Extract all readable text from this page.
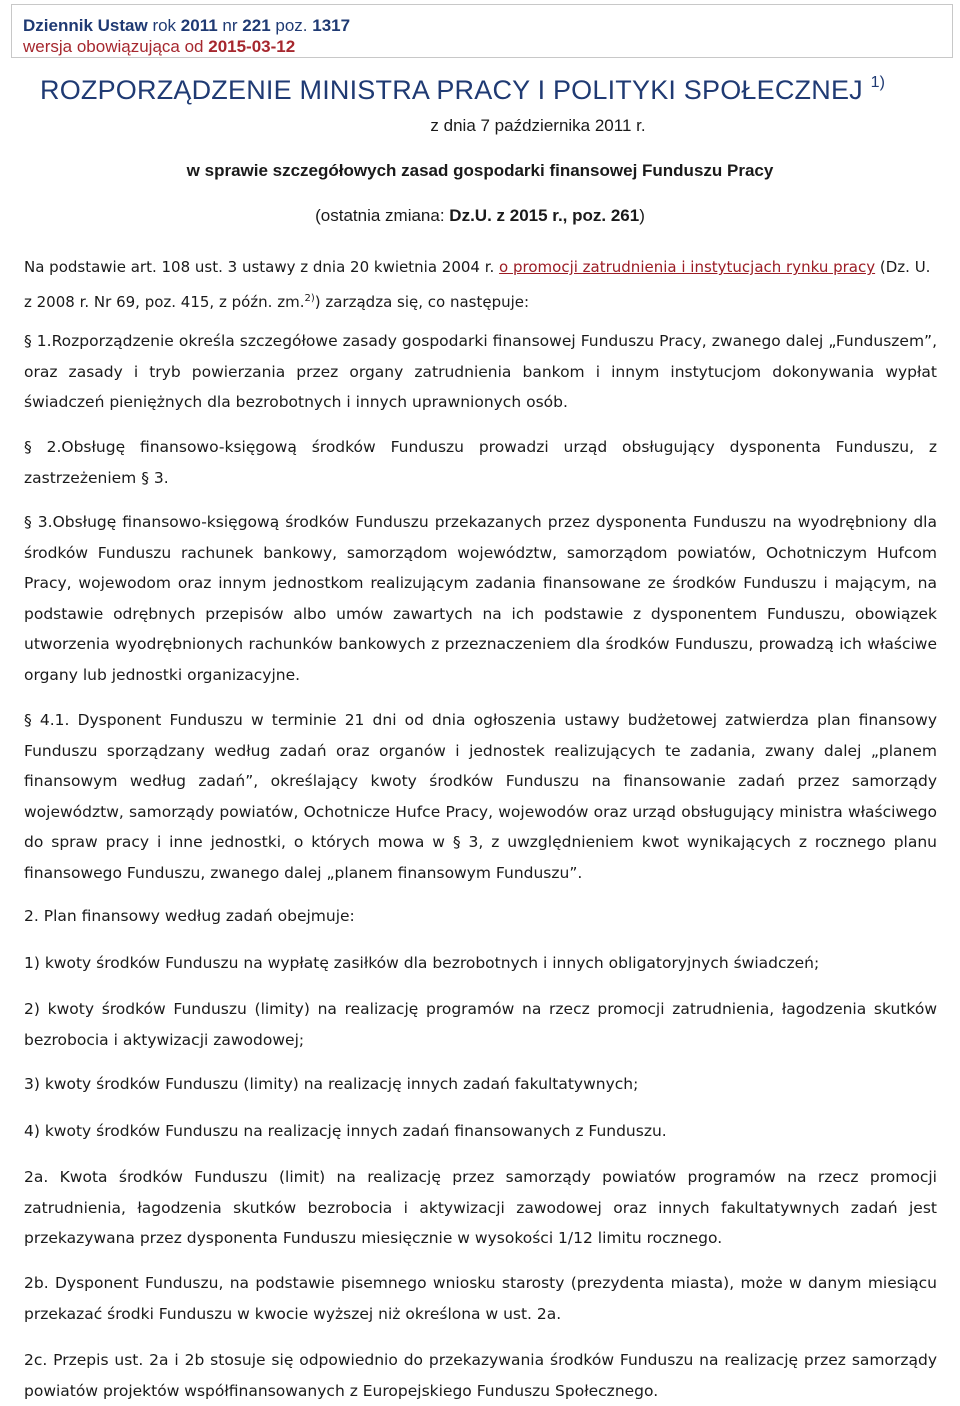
Dziennik Ustaw rok 2011 nr 221 poz. 1317
wersja obowiązująca od 2015-03-12
ROZPORZĄDZENIE MINISTRA PRACY I POLITYKI SPOŁECZNEJ $^{1)}$
z dnia 7 października 2011 r.
w sprawie szczegółowych zasad gospodarki finansowej Funduszu Pracy
(ostatnia zmiana: Dz.U. z 2015 r., poz. 261)
Na podstawie art. 108 ust. 3 ustawy z dnia 20 kwietnia 2004 r. o promocji zatrudnienia i instytucjach rynku pracy (Dz. U. z 2008 r. Nr 69, poz. 415, z późn. zm.$^{2)}$) zarządza się, co następuje:
§ 1.Rozporządzenie określa szczegółowe zasady gospodarki finansowej Funduszu Pracy, zwanego dalej „Funduszem”, oraz zasady i tryb powierzania przez organy zatrudnienia bankom i innym instytucjom dokonywania wypłat świadczeń pieniężnych dla bezrobotnych i innych uprawnionych osób.
§ 2.Obsługę finansowo-księgową środków Funduszu prowadzi urząd obsługujący dysponenta Funduszu, z zastrzeżeniem § 3.
§ 3.Obsługę finansowo-księgową środków Funduszu przekazanych przez dysponenta Funduszu na wyodrębniony dla środków Funduszu rachunek bankowy, samorządom województw, samorządom powiatów, Ochotniczym Hufcom Pracy, wojewodom oraz innym jednostkom realizującym zadania finansowane ze środków Funduszu i mającym, na podstawie odrębnych przepisów albo umów zawartych na ich podstawie z dysponentem Funduszu, obowiązek utworzenia wyodrębnionych rachunków bankowych z przeznaczeniem dla środków Funduszu, prowadzą ich właściwe organy lub jednostki organizacyjne.
§ 4.1. Dysponent Funduszu w terminie 21 dni od dnia ogłoszenia ustawy budżetowej zatwierdza plan finansowy Funduszu sporządzany według zadań oraz organów i jednostek realizujących te zadania, zwany dalej „planem finansowym według zadań”, określający kwoty środków Funduszu na finansowanie zadań przez samorządy województw, samorządy powiatów, Ochotnicze Hufce Pracy, wojewodów oraz urząd obsługujący ministra właściwego do spraw pracy i inne jednostki, o których mowa w § 3, z uwzględnieniem kwot wynikających z rocznego planu finansowego Funduszu, zwanego dalej „planem finansowym Funduszu”.
2. Plan finansowy według zadań obejmuje:
1) kwoty środków Funduszu na wypłatę zasiłków dla bezrobotnych i innych obligatoryjnych świadczeń;
2) kwoty środków Funduszu (limity) na realizację programów na rzecz promocji zatrudnienia, łagodzenia skutków bezrobocia i aktywizacji zawodowej;
3) kwoty środków Funduszu (limity) na realizację innych zadań fakultatywnych;
4) kwoty środków Funduszu na realizację innych zadań finansowanych z Funduszu.
2a. Kwota środków Funduszu (limit) na realizację przez samorządy powiatów programów na rzecz promocji zatrudnienia, łagodzenia skutków bezrobocia i aktywizacji zawodowej oraz innych fakultatywnych zadań jest przekazywana przez dysponenta Funduszu miesięcznie w wysokości 1/12 limitu rocznego.
2b. Dysponent Funduszu, na podstawie pisemnego wniosku starosty (prezydenta miasta), może w danym miesiącu przekazać środki Funduszu w kwocie wyższej niż określona w ust. 2a.
2c. Przepis ust. 2a i 2b stosuje się odpowiednio do przekazywania środków Funduszu na realizację przez samorządy powiatów projektów współfinansowanych z Europejskiego Funduszu Społecznego.
